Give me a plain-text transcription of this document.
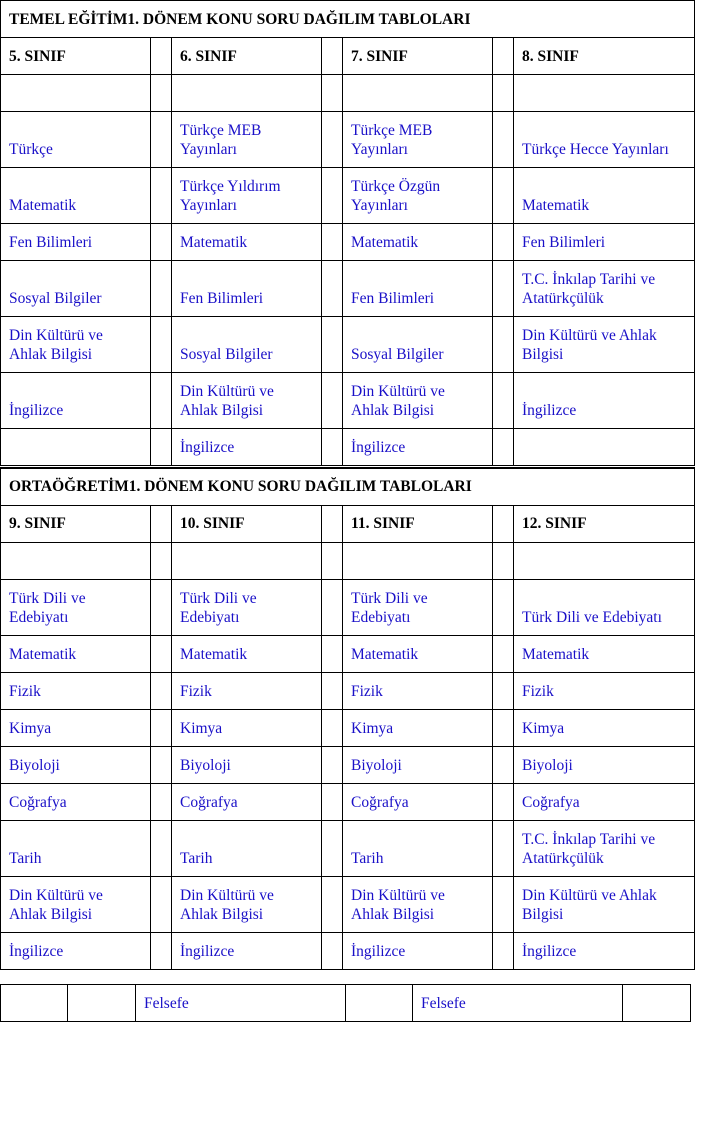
TEMEL EĞİTİM1. DÖNEM KONU SORU DAĞILIM TABLOLARI						
5. SINIF		6. SINIF		7. SINIF		8. SINIF

Türkçe		Türkçe MEB Yayınları		Türkçe MEB Yayınları		Türkçe Hecce Yayınları
Matematik		Türkçe Yıldırım Yayınları		Türkçe Özgün Yayınları		Matematik
Fen Bilimleri		Matematik		Matematik		Fen Bilimleri
Sosyal Bilgiler		Fen Bilimleri		Fen Bilimleri		T.C. İnkılap Tarihi ve Atatürkçülük
Din Kültürü ve Ahlak Bilgisi		Sosyal Bilgiler		Sosyal Bilgiler		Din Kültürü ve Ahlak Bilgisi
İngilizce		Din Kültürü ve Ahlak Bilgisi		Din Kültürü ve Ahlak Bilgisi		İngilizce
		İngilizce		İngilizce		
ORTAÖĞRETİM1. DÖNEM KONU SORU DAĞILIM TABLOLARI						
9. SINIF		10. SINIF		11. SINIF		12. SINIF

Türk Dili ve Edebiyatı		Türk Dili ve Edebiyatı		Türk Dili ve Edebiyatı		Türk Dili ve Edebiyatı
Matematik		Matematik		Matematik		Matematik
Fizik		Fizik		Fizik		Fizik
Kimya		Kimya		Kimya		Kimya
Biyoloji		Biyoloji		Biyoloji		Biyoloji
Coğrafya		Coğrafya		Coğrafya		Coğrafya
Tarih		Tarih		Tarih		T.C. İnkılap Tarihi ve Atatürkçülük
Din Kültürü ve Ahlak Bilgisi		Din Kültürü ve Ahlak Bilgisi		Din Kültürü ve Ahlak Bilgisi		Din Kültürü ve Ahlak Bilgisi
İngilizce		İngilizce		İngilizce		İngilizce
		Felsefe		Felsefe	
